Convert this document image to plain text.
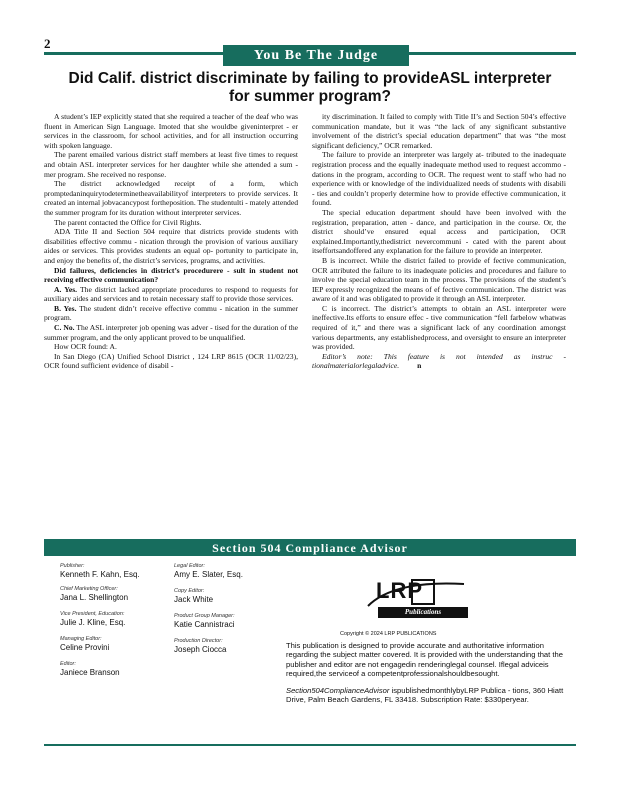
2
You Be The Judge
Did Calif. district discriminate by failing to provideASL interpreter
for summer program?

A student’s IEP explicitly stated that she required a teacher of the deaf who was fluent in American Sign Language. Imoted that she wouldbe giveninterpret - er services in the classroom, for school activities, and for all instruction occurring with spoken language.

The parent emailed various district staff members at least five times to request and obtain ASL interpreter services for her daughter while she attended a sum - mer program. She received no response.

The district acknowledged receipt of a form, which promptedaninquirytodeterminetheavailabilityof interpreters to provide services. It created an internal jobvacancypost fortheposition. The studentulti - mately attended the summer program for its duration without interpreter services.

The parent contacted the Office for Civil Rights.

ADA Title II and Section 504 require that districts provide students with disabilities effective commu - nication through the provision of various auxiliary aides or services. This provides students an equal op- portunity to participate in, and enjoy the benefits of, the district’s services, programs, and activities.

Did failures, deficiencies in district’s procedurere - sult in student not receiving effective communication?

A. Yes. The district lacked appropriate procedures to respond to requests for auxiliary aides and services and to retain necessary staff to provide those services.

B. Yes. The student didn’t receive effective commu - nication in the summer program.

C. No. The ASL interpreter job opening was adver - tised for the duration of the summer program, and the only applicant proved to be unqualified.

How OCR found: A.

In San Diego (CA) Unified School District , 124 LRP 8615 (OCR 11/02/23), OCR found sufficient evidence of disabil -

ity discrimination. It failed to comply with Title II’s and Section 504’s effective communication mandate, but it was “the lack of any significant substantive involvement of the district’s special education department” that was “the most significant deficiency,” OCR remarked.

The failure to provide an interpreter was largely at- tributed to the inadequate registration process and the equally inadequate method used to request accommo - dations in the program, according to OCR. The request went to staff who had no experience with or knowledge of the individualized needs of students with disabili - ties and couldn’t properly determine how to provide effective communication, it found.

The special education department should have been involved with the registration, preparation, atten - dance, and participation in the course. Or, the district should’ve ensured equal access and participation, OCR explained.Importantly,thedistrict nevercommuni - cated with the parent about itseffortsandoffered any explanation for the failure to provide an interpreter.

B is incorrect. While the district failed to provide ef fective communication, OCR attributed the failure to its inadequate policies and procedures and failure to involve the special education team in the process. The provisions of the student’s IEP expressly recognized the means of ef fective communication. The district was aware of it and was obligated to provide it through an ASL interpreter.

C is incorrect. The district’s attempts to obtain an ASL interpreter were ineffective.Its efforts to ensure effec - tive communication “fell farbelow whatwas required of it,” and there was a significant lack of any coordination amongst various departments, any establishedprocess, and oversight to ensure an interpreter was provided.

Editor’s note: This feature is not intended as instruc - tionalmaterialorlegaladvice. n

Section 504 Compliance Advisor
Publisher:
Kenneth F. Kahn, Esq.
Chief Marketing Officer:
Jana L. Shellington
Vice President, Education:
Julie J. Kline, Esq.
Managing Editor:
Celine Provini
Editor:
Janiece Branson
Legal Editor:
Amy E. Slater, Esq.
Copy Editor:
Jack White
Product Group Manager:
Katie Cannistraci
Production Director:
Joseph Ciocca
LRP
Publications
Copyright © 2024 LRP PUBLICATIONS
This publication is designed to provide accurate and authoritative information regarding the subject matter covered. It is provided with the understanding that the publisher and editor are not engagedin renderinglegal counsel. Iflegal adviceis required,the serviceof a competentprofessionalshouldbesought.
Section504ComplianceAdvisor ispublishedmonthlybyLRP Publica - tions, 360 Hiatt Drive, Palm Beach Gardens, FL 33418. Subscription Rate: $330peryear.
